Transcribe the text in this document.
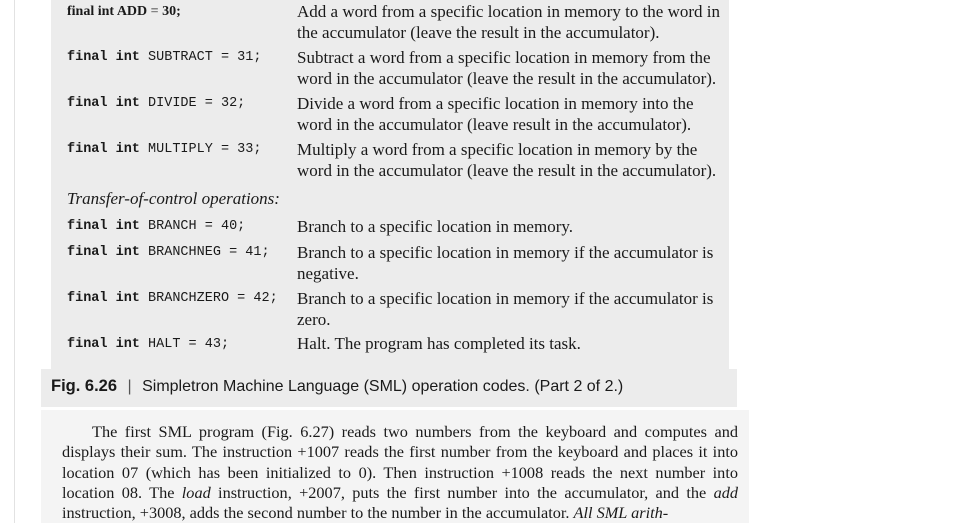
final int ADD = 30;	Add a word from a specific location in memory to the word in the accumulator (leave the result in the accumulator).
final int SUBTRACT = 31; Subtract a word from a specific location in memory from the word in the accumulator (leave the result in the accumulator).
final int DIVIDE = 32;	Divide a word from a specific location in memory into the word in the accumulator (leave result in the accumulator).
final int MULTIPLY = 33; Multiply a word from a specific location in memory by the word in the accumulator (leave the result in the accumulator).
Transfer-of-control operations:
final int BRANCH = 40;	Branch to a specific location in memory.
final int BRANCHNEG = 41; Branch to a specific location in memory if the accumulator is negative.
final int BRANCHZERO = 42; Branch to a specific location in memory if the accumulator is zero.
final int HALT = 43;	Halt. The program has completed its task.
Fig. 6.26 | Simpletron Machine Language (SML) operation codes. (Part 2 of 2.)
The first SML program (Fig. 6.27) reads two numbers from the keyboard and computes and displays their sum. The instruction +1007 reads the first number from the keyboard and places it into location 07 (which has been initialized to 0). Then instruction +1008 reads the next number into location 08. The load instruction, +2007, puts the first number into the accumulator, and the add instruction, +3008, adds the second number to the number in the accumulator. All SML arith-
